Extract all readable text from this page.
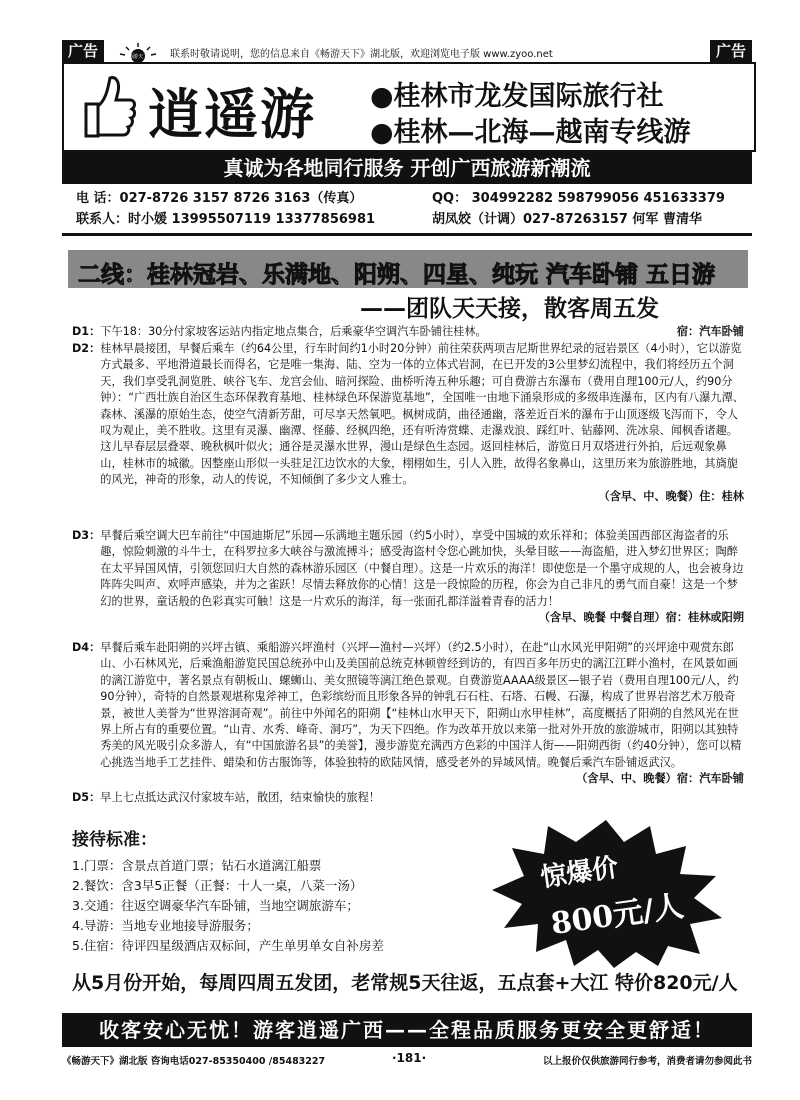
广告	广告
畅游天下 联系时敬请说明，您的信息来自《畅游天下》湖北版，欢迎浏览电子版 www.zyoo.net
逍遥游 ●桂林市龙发国际旅行社
●桂林—北海—越南专线游
真诚为各地同行服务 开创广西旅游新潮流
电 话：027-8726 3157 8726 3163（传真）	QQ： 304992282 598799056 451633379
联系人：时小媛 13995507119 13377856981	胡凤姣（计调）027-87263157 何军 曹清华
二线：桂林冠岩、乐满地、阳朔、四星、纯玩 汽车卧铺 五日游
——团队天天接，散客周五发
D1： 下午18：30分付家坡客运站内指定地点集合，后乘豪华空调汽车卧铺往桂林。	宿：汽车卧铺
D2： 桂林早晨接团，早餐后乘车（约64公里，行车时间约1小时20分钟）前往荣获两项吉尼斯世界纪录的冠岩景区（4小时），它以游览方式最多、平地滑道最长而得名，它是唯一集海、陆、空为一体的立体式岩洞，在已开发的3公里梦幻流程中，我们将经历五个洞天，我们享受乳洞览胜、峡谷飞车、龙宫会仙、暗河探险、曲桥听涛五种乐趣；可自费游古东瀑布（费用自理100元/人，约90分钟）：“广西壮族自治区生态环保教育基地、桂林绿色环保游览基地”，全国唯一由地下涌泉形成的多级串连瀑布，区内有八瀑九潭、森林、溪瀑的原始生态，使空气清新芳甜，可尽享天然氧吧。枫树成荫，曲径通幽，落差近百米的瀑布于山顶逐级飞泻而下，令人叹为观止，美不胜收。这里有灵瀑、幽潭、怪藤、经枫四绝，还有听涛赏蝶、走瀑戏浪、踩红叶、钻藤网、洗冰泉、闻枫香诸趣。这儿早春层层叠翠、晚秋枫叶似火；通谷是灵瀑水世界，漫山是绿色生态园。返回桂林后，游览日月双塔进行外拍，后远观象鼻山，桂林市的城徽。因整座山形似一头驻足江边饮水的大象，栩栩如生，引人入胜，故得名象鼻山，这里历来为旅游胜地，其旖旎的风光，神奇的形象，动人的传说，不知倾倒了多少文人雅士。
（含早、中、晚餐）住：桂林
D3： 早餐后乘空调大巴车前往“中国迪斯尼”乐园—乐满地主题乐园（约5小时），享受中国城的欢乐祥和；体验美国西部区海盗者的乐趣，惊险刺激的斗牛士，在科罗拉多大峡谷与激流搏斗；感受海盗村令您心跳加快，头晕目眩——海盗船，进入梦幻世界区；陶醉在太平异国风情，引领您回归大自然的森林游乐园区（中餐自理）。这是一片欢乐的海洋！即使您是一个墨守成规的人，也会被身边阵阵尖叫声、欢呼声感染，并为之雀跃！尽情去释放你的心情！这是一段惊险的历程，你会为自己非凡的勇气而自豪！这是一个梦幻的世界，童话般的色彩真实可触！这是一片欢乐的海洋，每一张面孔都洋溢着青春的活力！
（含早、晚餐 中餐自理）宿：桂林或阳朔
D4： 早餐后乘车赴阳朔的兴坪古镇、乘船游兴坪渔村（兴坪—渔村—兴坪）（约2.5小时），在赴“山水风光甲阳朔”的兴坪途中观赏东郎山、小石林风光，后乘渔船游览民国总统孙中山及美国前总统克林顿曾经到访的，有四百多年历史的漓江江畔小渔村，在风景如画的漓江游览中，著名景点有朝板山、螺蛳山、美女照镜等漓江绝色景观。自费游览AAAA级景区—银子岩（费用自理100元/人，约90分钟），奇特的自然景观堪称鬼斧神工，色彩缤纷而且形象各异的钟乳石石柱、石塔、石幔、石瀑，构成了世界岩溶艺术万般奇景，被世人美誉为“世界溶洞奇观”。前往中外闻名的阳朔【“桂林山水甲天下，阳朔山水甲桂林”，高度概括了阳朔的自然风光在世界上所占有的重要位置。“山青、水秀、峰奇、洞巧”，为天下四绝。作为改革开放以来第一批对外开放的旅游城市，阳朔以其独特秀美的风光吸引众多游人，有“中国旅游名县”的美誉】，漫步游览充满西方色彩的中国洋人街——阳朔西街（约40分钟），您可以精心挑选当地手工艺挂件、蜡染和仿古服饰等，体验独特的欧陆风情，感受老外的异域风情。晚餐后乘汽车卧铺返武汉。
（含早、中、晚餐）宿：汽车卧铺
D5： 早上七点抵达武汉付家坡车站，散团，结束愉快的旅程！
接待标准：
1.门票：含景点首道门票；钻石水道漓江船票
2.餐饮：含3早5正餐（正餐：十人一桌，八菜一汤）
3.交通：往返空调豪华汽车卧铺，当地空调旅游车；
4.导游：当地专业地接导游服务；
5.住宿：待评四星级酒店双标间，产生单男单女自补房差
惊爆价
800元/人
从5月份开始，每周四周五发团，老常规5天往返，五点套+大江 特价820元/人
收客安心无忧！游客逍遥广西——全程品质服务更安全更舒适！
《畅游天下》湖北版 咨询电话027-85350400 /85483227	·181·	以上报价仅供旅游同行参考，消费者请勿参阅此书
